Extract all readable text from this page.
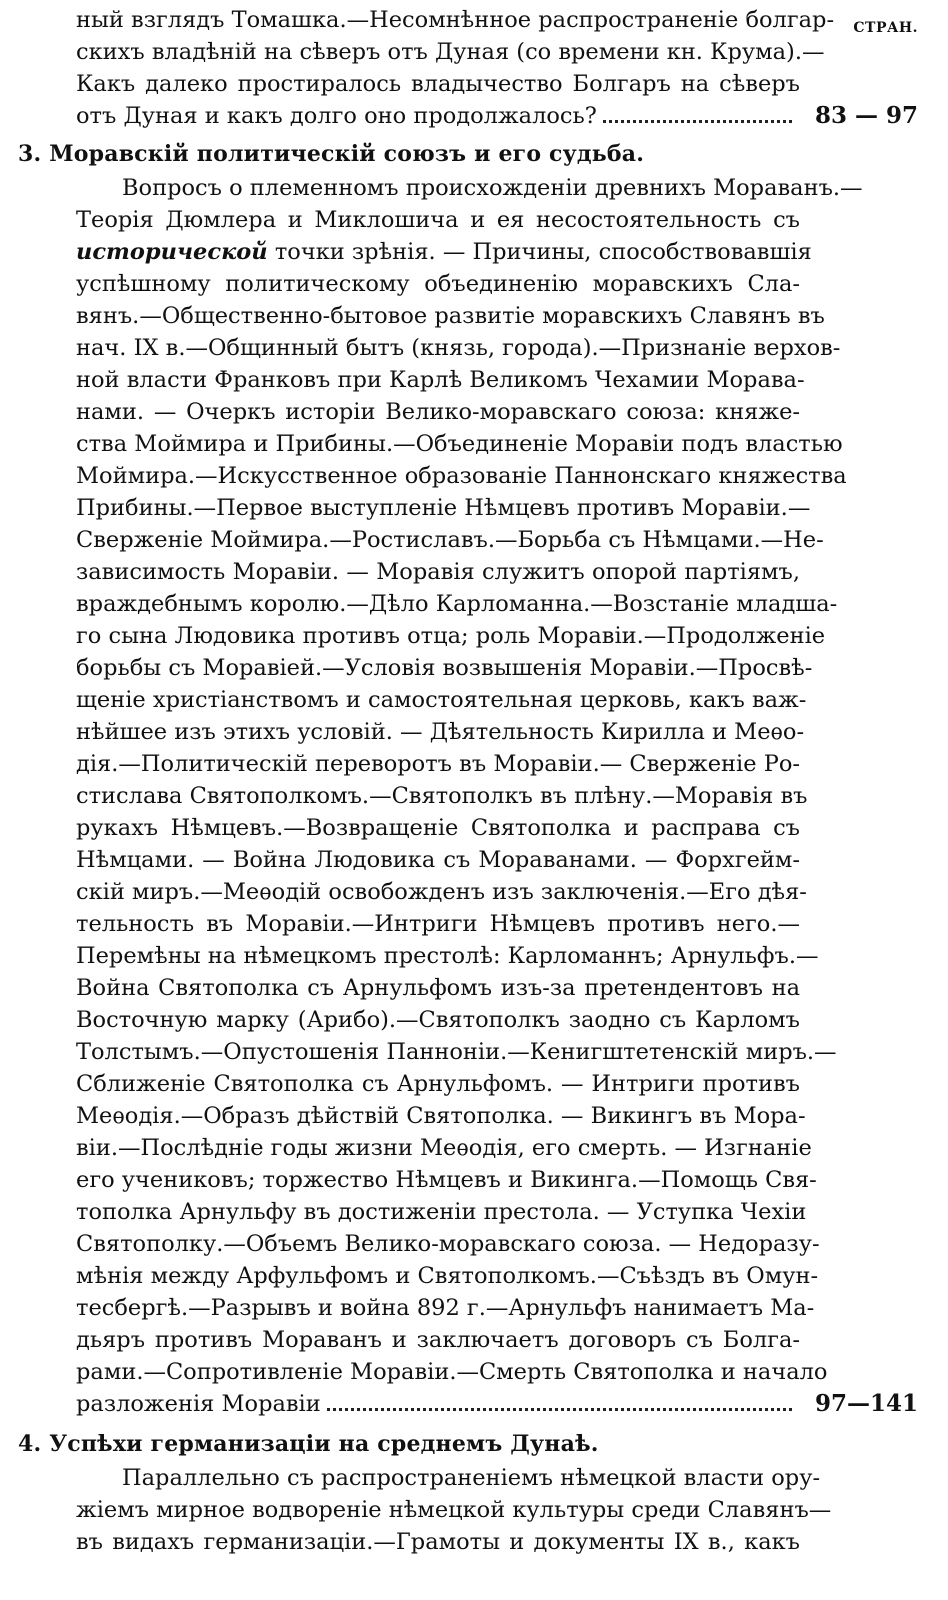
СТРАН.
ный взглядъ Томашка.—Несомнѣнное распространеніе болгар-
скихъ владѣній на сѣверъ отъ Дуная (со времени кн. Крума).—
Какъ далеко простиралось владычество Болгаръ на сѣверъ
отъ Дуная и какъ долго оно продолжалось?	83 — 97
3. Моравскій политическій союзъ и его судьба.
Вопросъ о племенномъ происхожденіи древнихъ Мораванъ.—
Теорія Дюмлера и Миклошича и ея несостоятельность съ
исторической точки зрѣнія. — Причины, способствовавшія
успѣшному политическому объединенію моравскихъ Сла-
вянъ.—Общественно-бытовое развитіе моравскихъ Славянъ въ
нач. IX в.—Общинный бытъ (князь, города).—Признаніе верхов-
ной власти Франковъ при Карлѣ Великомъ Чехамии Морава-
нами. — Очеркъ исторіи Велико-моравскаго союза: княже-
ства Моймира и Прибины.—Объединеніе Моравіи подъ властью
Моймира.—Искусственное образованіе Паннонскаго княжества
Прибины.—Первое выступленіе Нѣмцевъ противъ Моравіи.—
Сверженіе Моймира.—Ростиславъ.—Борьба съ Нѣмцами.—Не-
зависимость Моравіи. — Моравія служитъ опорой партіямъ,
враждебнымъ королю.—Дѣло Карломанна.—Возстаніе младша-
го сына Людовика противъ отца; роль Моравіи.—Продолженіе
борьбы съ Моравіей.—Условія возвышенія Моравіи.—Просвѣ-
щеніе христіанствомъ и самостоятельная церковь, какъ важ-
нѣйшее изъ этихъ условій. — Дѣятельность Кирилла и Меѳо-
дія.—Политическій переворотъ въ Моравіи.— Сверженіе Ро-
стислава Святополкомъ.—Святополкъ въ плѣну.—Моравія въ
рукахъ Нѣмцевъ.—Возвращеніе Святополка и расправа съ
Нѣмцами. — Война Людовика съ Мораванами. — Форхгейм-
скій миръ.—Меѳодій освобожденъ изъ заключенія.—Его дѣя-
тельность въ Моравіи.—Интриги Нѣмцевъ противъ него.—
Перемѣны на нѣмецкомъ престолѣ: Карломаннъ; Арнульфъ.—
Война Святополка съ Арнульфомъ изъ-за претендентовъ на
Восточную марку (Арибо).—Святополкъ заодно съ Карломъ
Толстымъ.—Опустошенія Панноніи.—Кенигштетенскій миръ.—
Сближеніе Святополка съ Арнульфомъ. — Интриги противъ
Меѳодія.—Образъ дѣйствій Святополка. — Викингъ въ Мора-
віи.—Послѣдніе годы жизни Меѳодія, его смерть. — Изгнаніе
его учениковъ; торжество Нѣмцевъ и Викинга.—Помощь Свя-
тополка Арнульфу въ достиженіи престола. — Уступка Чехіи
Святополку.—Объемъ Велико-моравскаго союза. — Недоразу-
мѣнія между Арфульфомъ и Святополкомъ.—Съѣздъ въ Омун-
тесбергѣ.—Разрывъ и война 892 г.—Арнульфъ нанимаетъ Ма-
дьяръ противъ Мораванъ и заключаетъ договоръ съ Болга-
рами.—Сопротивленіе Моравіи.—Смерть Святополка и начало
разложенія Моравіи	97—141
4. Успѣхи германизаціи на среднемъ Дунаѣ.
Параллельно съ распространеніемъ нѣмецкой власти ору-
жіемъ мирное водвореніе нѣмецкой культуры среди Славянъ—
въ видахъ германизаціи.—Грамоты и документы IX в., какъ
